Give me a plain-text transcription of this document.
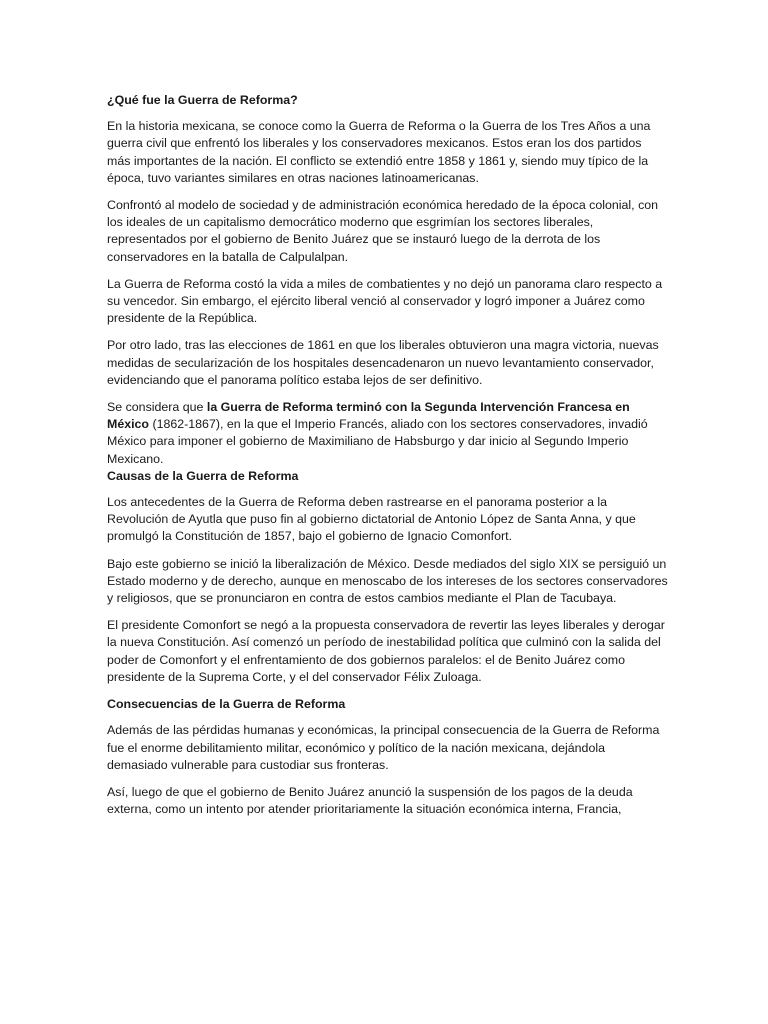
¿Qué fue la Guerra de Reforma?

En la historia mexicana, se conoce como la Guerra de Reforma o la Guerra de los Tres Años a una guerra civil que enfrentó los liberales y los conservadores mexicanos. Estos eran los dos partidos más importantes de la nación. El conflicto se extendió entre 1858 y 1861 y, siendo muy típico de la época, tuvo variantes similares en otras naciones latinoamericanas.

Confrontó al modelo de sociedad y de administración económica heredado de la época colonial, con los ideales de un capitalismo democrático moderno que esgrimían los sectores liberales, representados por el gobierno de Benito Juárez que se instauró luego de la derrota de los conservadores en la batalla de Calpulalpan.

La Guerra de Reforma costó la vida a miles de combatientes y no dejó un panorama claro respecto a su vencedor. Sin embargo, el ejército liberal venció al conservador y logró imponer a Juárez como presidente de la República.

Por otro lado, tras las elecciones de 1861 en que los liberales obtuvieron una magra victoria, nuevas medidas de secularización de los hospitales desencadenaron un nuevo levantamiento conservador, evidenciando que el panorama político estaba lejos de ser definitivo.

Se considera que la Guerra de Reforma terminó con la Segunda Intervención Francesa en México (1862-1867), en la que el Imperio Francés, aliado con los sectores conservadores, invadió México para imponer el gobierno de Maximiliano de Habsburgo y dar inicio al Segundo Imperio Mexicano.

Causas de la Guerra de Reforma

Los antecedentes de la Guerra de Reforma deben rastrearse en el panorama posterior a la Revolución de Ayutla que puso fin al gobierno dictatorial de Antonio López de Santa Anna, y que promulgó la Constitución de 1857, bajo el gobierno de Ignacio Comonfort.

Bajo este gobierno se inició la liberalización de México. Desde mediados del siglo XIX se persiguió un Estado moderno y de derecho, aunque en menoscabo de los intereses de los sectores conservadores y religiosos, que se pronunciaron en contra de estos cambios mediante el Plan de Tacubaya.

El presidente Comonfort se negó a la propuesta conservadora de revertir las leyes liberales y derogar la nueva Constitución. Así comenzó un período de inestabilidad política que culminó con la salida del poder de Comonfort y el enfrentamiento de dos gobiernos paralelos: el de Benito Juárez como presidente de la Suprema Corte, y el del conservador Félix Zuloaga.

Consecuencias de la Guerra de Reforma

Además de las pérdidas humanas y económicas, la principal consecuencia de la Guerra de Reforma fue el enorme debilitamiento militar, económico y político de la nación mexicana, dejándola demasiado vulnerable para custodiar sus fronteras.

Así, luego de que el gobierno de Benito Juárez anunció la suspensión de los pagos de la deuda externa, como un intento por atender prioritariamente la situación económica interna, Francia,
